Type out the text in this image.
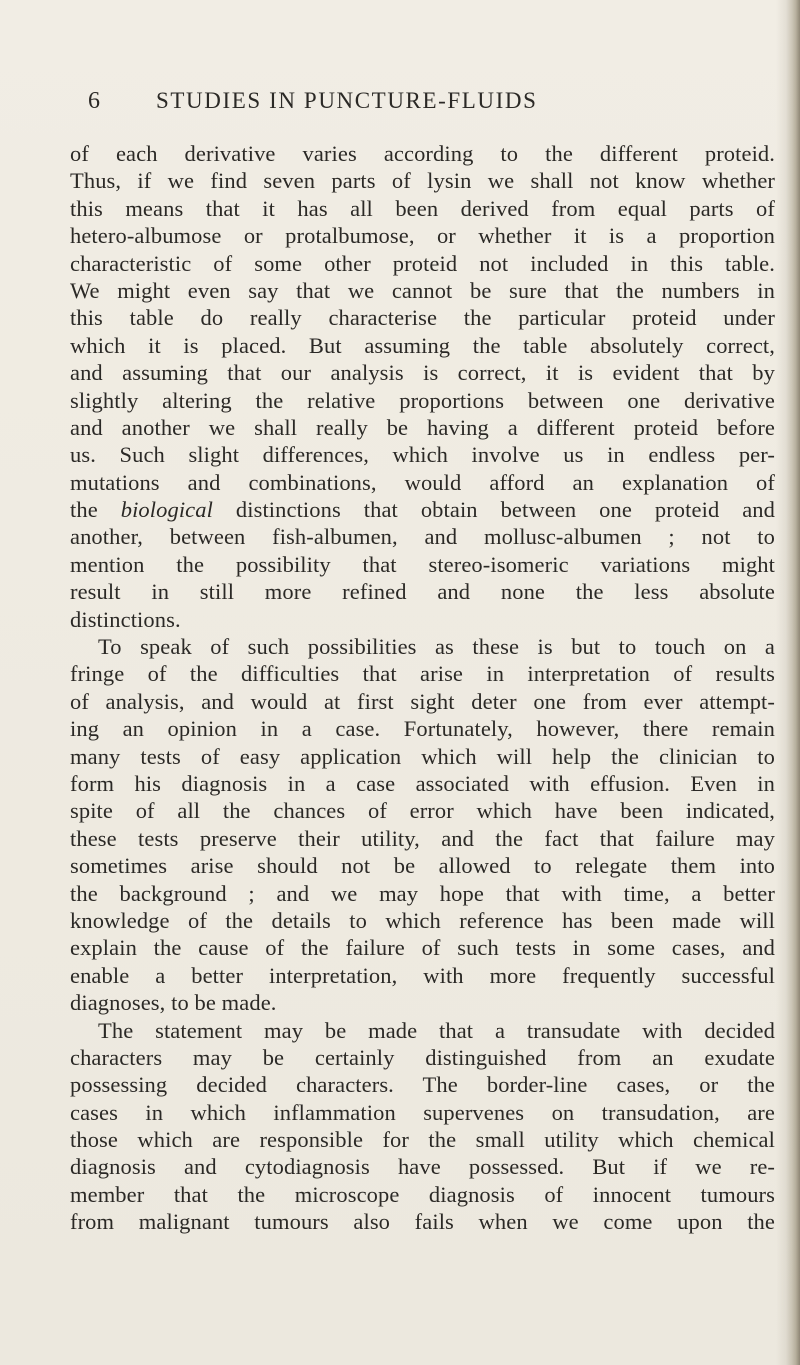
6 STUDIES IN PUNCTURE-FLUIDS
of each derivative varies according to the different proteid.
Thus, if we find seven parts of lysin we shall not know whether
this means that it has all been derived from equal parts of
hetero-albumose or protalbumose, or whether it is a proportion
characteristic of some other proteid not included in this table.
We might even say that we cannot be sure that the numbers in
this table do really characterise the particular proteid under
which it is placed. But assuming the table absolutely correct,
and assuming that our analysis is correct, it is evident that by
slightly altering the relative proportions between one derivative
and another we shall really be having a different proteid before
us. Such slight differences, which involve us in endless per-
mutations and combinations, would afford an explanation of
the biological distinctions that obtain between one proteid and
another, between fish-albumen, and mollusc-albumen ; not to
mention the possibility that stereo-isomeric variations might
result in still more refined and none the less absolute
distinctions.
To speak of such possibilities as these is but to touch on a
fringe of the difficulties that arise in interpretation of results
of analysis, and would at first sight deter one from ever attempt-
ing an opinion in a case. Fortunately, however, there remain
many tests of easy application which will help the clinician to
form his diagnosis in a case associated with effusion. Even in
spite of all the chances of error which have been indicated,
these tests preserve their utility, and the fact that failure may
sometimes arise should not be allowed to relegate them into
the background ; and we may hope that with time, a better
knowledge of the details to which reference has been made will
explain the cause of the failure of such tests in some cases, and
enable a better interpretation, with more frequently successful
diagnoses, to be made.
The statement may be made that a transudate with decided
characters may be certainly distinguished from an exudate
possessing decided characters. The border-line cases, or the
cases in which inflammation supervenes on transudation, are
those which are responsible for the small utility which chemical
diagnosis and cytodiagnosis have possessed. But if we re-
member that the microscope diagnosis of innocent tumours
from malignant tumours also fails when we come upon the
